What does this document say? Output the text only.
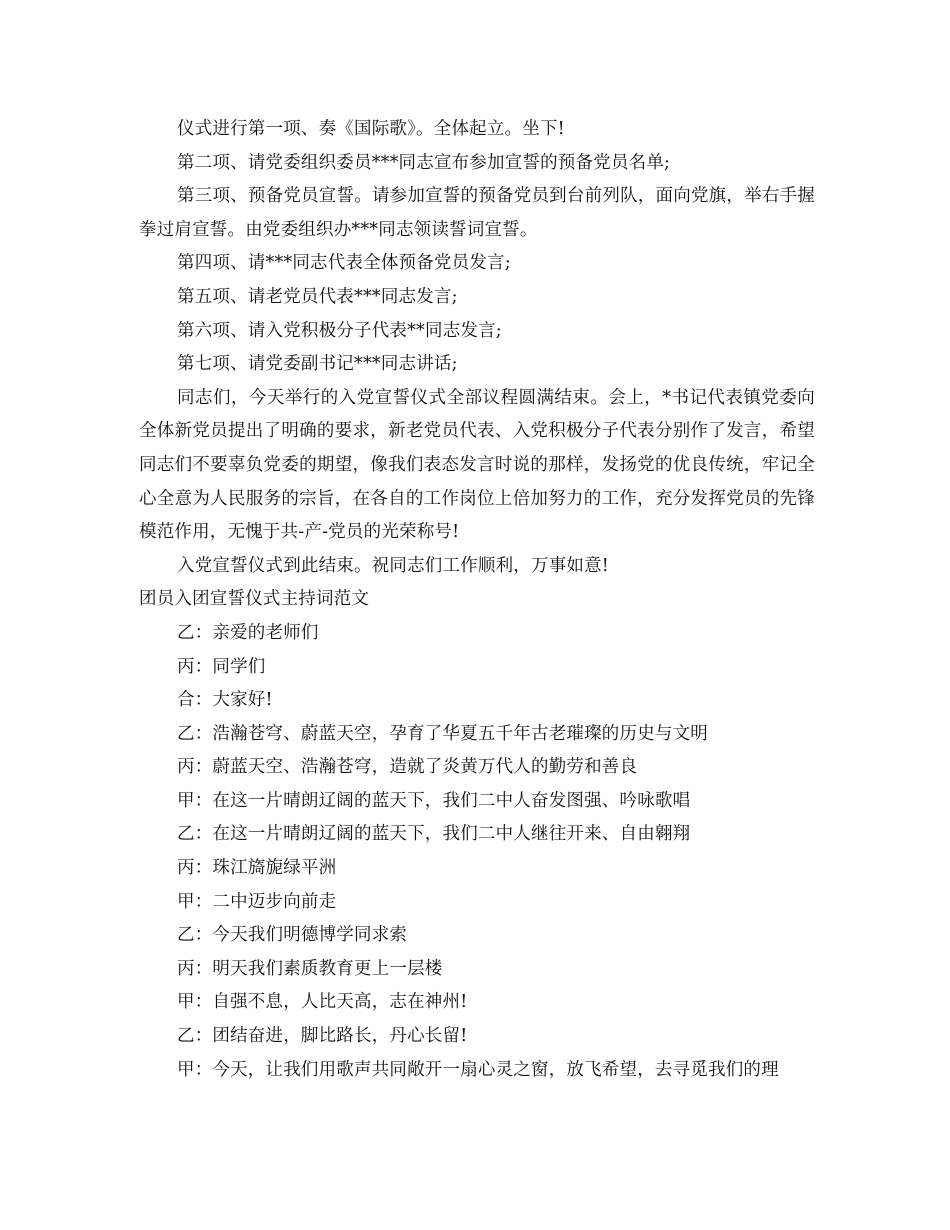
仪式进行第一项、奏《国际歌》。全体起立。坐下!

第二项、请党委组织委员***同志宣布参加宣誓的预备党员名单;

第三项、预备党员宣誓。请参加宣誓的预备党员到台前列队，面向党旗，举右手握拳过肩宣誓。由党委组织办***同志领读誓词宣誓。

第四项、请***同志代表全体预备党员发言;

第五项、请老党员代表***同志发言;

第六项、请入党积极分子代表**同志发言;

第七项、请党委副书记***同志讲话;

同志们，今天举行的入党宣誓仪式全部议程圆满结束。会上，*书记代表镇党委向全体新党员提出了明确的要求，新老党员代表、入党积极分子代表分别作了发言，希望同志们不要辜负党委的期望，像我们表态发言时说的那样，发扬党的优良传统，牢记全心全意为人民服务的宗旨，在各自的工作岗位上倍加努力的工作，充分发挥党员的先锋模范作用，无愧于共-产-党员的光荣称号!

入党宣誓仪式到此结束。祝同志们工作顺利，万事如意!

团员入团宣誓仪式主持词范文

乙：亲爱的老师们

丙：同学们

合：大家好!

乙：浩瀚苍穹、蔚蓝天空，孕育了华夏五千年古老璀璨的历史与文明

丙：蔚蓝天空、浩瀚苍穹，造就了炎黄万代人的勤劳和善良

甲：在这一片晴朗辽阔的蓝天下，我们二中人奋发图强、吟咏歌唱

乙：在这一片晴朗辽阔的蓝天下，我们二中人继往开来、自由翱翔

丙：珠江旖旎绿平洲

甲：二中迈步向前走

乙：今天我们明德博学同求索

丙：明天我们素质教育更上一层楼

甲：自强不息，人比天高，志在神州!

乙：团结奋进，脚比路长，丹心长留!

甲：今天，让我们用歌声共同敞开一扇心灵之窗，放飞希望，去寻觅我们的理
